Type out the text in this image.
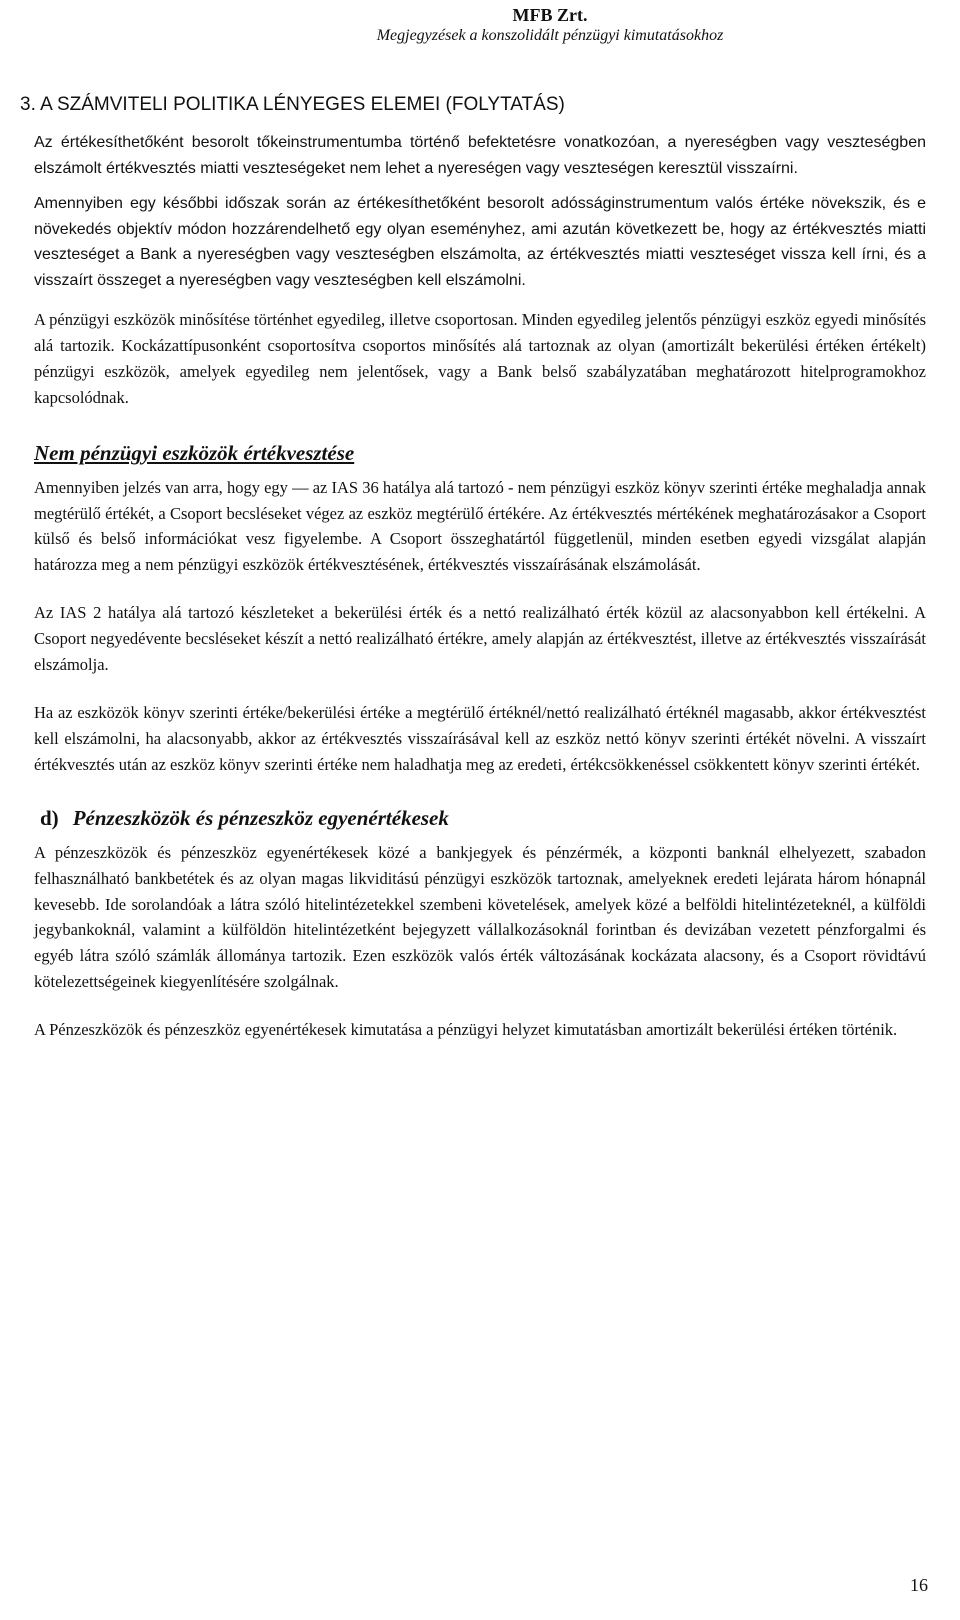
MFB Zrt.
Megjegyzések a konszolidált pénzügyi kimutatásokhoz
3. A SZÁMVITELI POLITIKA LÉNYEGES ELEMEI (FOLYTATÁS)

Az értékesíthetőként besorolt tőkeinstrumentumba történő befektetésre vonatkozóan, a nyereségben vagy veszteségben elszámolt értékvesztés miatti veszteségeket nem lehet a nyereségen vagy veszteségen keresztül visszaírni.

Amennyiben egy későbbi időszak során az értékesíthetőként besorolt adósságinstrumentum valós értéke növekszik, és e növekedés objektív módon hozzárendelhető egy olyan eseményhez, ami azután következett be, hogy az értékvesztés miatti veszteséget a Bank a nyereségben vagy veszteségben elszámolta, az értékvesztés miatti veszteséget vissza kell írni, és a visszaírt összeget a nyereségben vagy veszteségben kell elszámolni.

A pénzügyi eszközök minősítése történhet egyedileg, illetve csoportosan. Minden egyedileg jelentős pénzügyi eszköz egyedi minősítés alá tartozik. Kockázattípusonként csoportosítva csoportos minősítés alá tartoznak az olyan (amortizált bekerülési értéken értékelt) pénzügyi eszközök, amelyek egyedileg nem jelentősek, vagy a Bank belső szabályzatában meghatározott hitelprogramokhoz kapcsolódnak.

Nem pénzügyi eszközök értékvesztése

Amennyiben jelzés van arra, hogy egy — az IAS 36 hatálya alá tartozó - nem pénzügyi eszköz könyv szerinti értéke meghaladja annak megtérülő értékét, a Csoport becsléseket végez az eszköz megtérülő értékére. Az értékvesztés mértékének meghatározásakor a Csoport külső és belső információkat vesz figyelembe. A Csoport összeghatártól függetlenül, minden esetben egyedi vizsgálat alapján határozza meg a nem pénzügyi eszközök értékvesztésének, értékvesztés visszaírásának elszámolását.

Az IAS 2 hatálya alá tartozó készleteket a bekerülési érték és a nettó realizálható érték közül az alacsonyabbon kell értékelni. A Csoport negyedévente becsléseket készít a nettó realizálható értékre, amely alapján az értékvesztést, illetve az értékvesztés visszaírását elszámolja.

Ha az eszközök könyv szerinti értéke/bekerülési értéke a megtérülő értéknél/nettó realizálható értéknél magasabb, akkor értékvesztést kell elszámolni, ha alacsonyabb, akkor az értékvesztés visszaírásával kell az eszköz nettó könyv szerinti értékét növelni. A visszaírt értékvesztés után az eszköz könyv szerinti értéke nem haladhatja meg az eredeti, értékcsökkenéssel csökkentett könyv szerinti értékét.

d) Pénzeszközök és pénzeszköz egyenértékesek

A pénzeszközök és pénzeszköz egyenértékesek közé a bankjegyek és pénzérmék, a központi banknál elhelyezett, szabadon felhasználható bankbetétek és az olyan magas likviditású pénzügyi eszközök tartoznak, amelyeknek eredeti lejárata három hónapnál kevesebb. Ide sorolandóak a látra szóló hitelintézetekkel szembeni követelések, amelyek közé a belföldi hitelintézeteknél, a külföldi jegybankoknál, valamint a külföldön hitelintézetként bejegyzett vállalkozásoknál forintban és devizában vezetett pénzforgalmi és egyéb látra szóló számlák állománya tartozik. Ezen eszközök valós érték változásának kockázata alacsony, és a Csoport rövidtávú kötelezettségeinek kiegyenlítésére szolgálnak.

A Pénzeszközök és pénzeszköz egyenértékesek kimutatása a pénzügyi helyzet kimutatásban amortizált bekerülési értéken történik.

16
